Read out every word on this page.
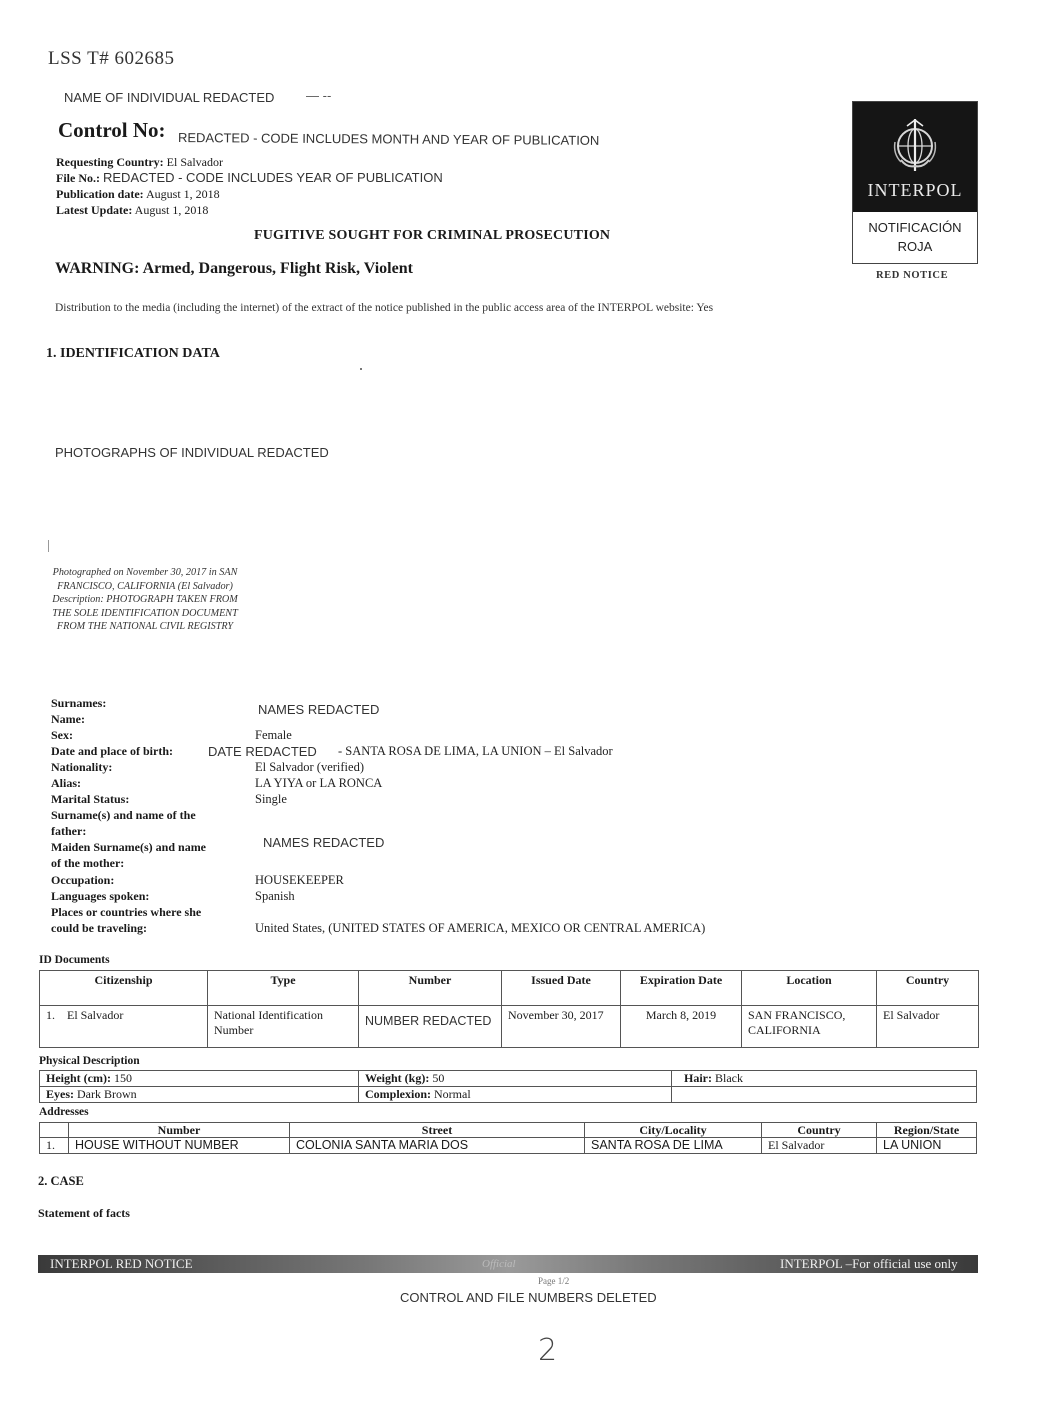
LSS T# 602685
NAME OF INDIVIDUAL REDACTED — --
Control No: REDACTED - CODE INCLUDES MONTH AND YEAR OF PUBLICATION
Requesting Country: El Salvador
File No.: REDACTED - CODE INCLUDES YEAR OF PUBLICATION
Publication date: August 1, 2018
Latest Update: August 1, 2018
FUGITIVE SOUGHT FOR CRIMINAL PROSECUTION
WARNING: Armed, Dangerous, Flight Risk, Violent
Distribution to the media (including the internet) of the extract of the notice published in the public access area of the INTERPOL website: Yes
INTERPOL
NOTIFICACIÓN
ROJA
RED NOTICE
1. IDENTIFICATION DATA
PHOTOGRAPHS OF INDIVIDUAL REDACTED
Photographed on November 30, 2017 in SAN FRANCISCO, CALIFORNIA (El Salvador) Description: PHOTOGRAPH TAKEN FROM THE SOLE IDENTIFICATION DOCUMENT FROM THE NATIONAL CIVIL REGISTRY
Surnames:
Name:
NAMES REDACTED
Sex:	Female
Date and place of birth:	DATE REDACTED - SANTA ROSA DE LIMA, LA UNION – El Salvador
Nationality:	El Salvador (verified)
Alias:	LA YIYA or LA RONCA
Marital Status:	Single
Surname(s) and name of the
father:
Maiden Surname(s) and name
of the mother:
NAMES REDACTED
Occupation:	HOUSEKEEPER
Languages spoken:	Spanish
Places or countries where she
could be traveling:	United States, (UNITED STATES OF AMERICA, MEXICO OR CENTRAL AMERICA)
ID Documents
Citizenship	Type	Number	Issued Date	Expiration Date	Location	Country
1. El Salvador	National Identification Number	NUMBER REDACTED	November 30, 2017	March 8, 2019	SAN FRANCISCO, CALIFORNIA	El Salvador
Physical Description
Height (cm): 150	Weight (kg): 50	Hair: Black
Eyes: Dark Brown	Complexion: Normal	
Addresses
	Number	Street	City/Locality	Country	Region/State
1.	HOUSE WITHOUT NUMBER	COLONIA SANTA MARIA DOS	SANTA ROSA DE LIMA	El Salvador	LA UNION
2. CASE
Statement of facts
INTERPOL RED NOTICE	Official	INTERPOL –For official use only
Page 1/2
CONTROL AND FILE NUMBERS DELETED
2
